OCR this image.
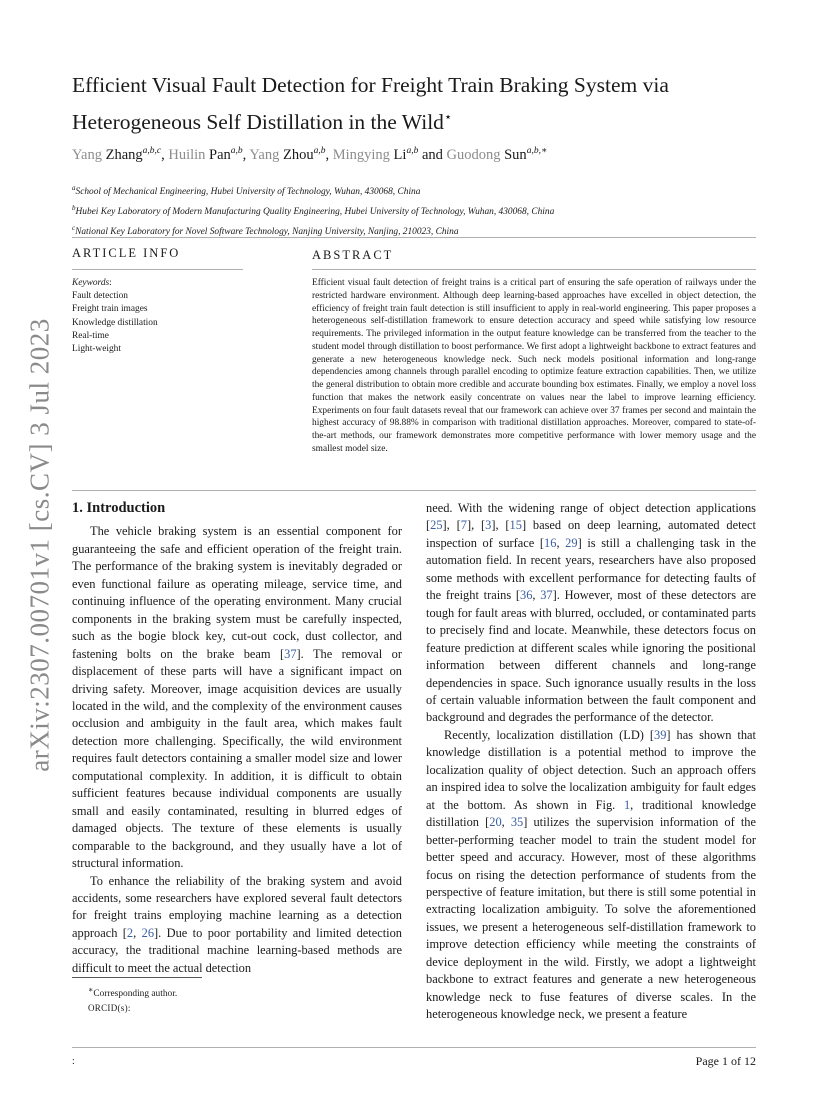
arXiv:2307.00701v1 [cs.CV] 3 Jul 2023
Efficient Visual Fault Detection for Freight Train Braking System via Heterogeneous Self Distillation in the Wild⋆
Yang Zhang$^{a,b,c}$, Huilin Pan$^{a,b}$, Yang Zhou$^{a,b}$, Mingying Li$^{a,b}$ and Guodong Sun$^{a,b,∗}$
$^a$School of Mechanical Engineering, Hubei University of Technology, Wuhan, 430068, China
$^b$Hubei Key Laboratory of Modern Manufacturing Quality Engineering, Hubei University of Technology, Wuhan, 430068, China
$^c$National Key Laboratory for Novel Software Technology, Nanjing University, Nanjing, 210023, China
ARTICLE INFO	ABSTRACT
Keywords:
Fault detection
Freight train images
Knowledge distillation
Real-time
Light-weight
Efficient visual fault detection of freight trains is a critical part of ensuring the safe operation of railways under the restricted hardware environment. Although deep learning-based approaches have excelled in object detection, the efficiency of freight train fault detection is still insufficient to apply in real-world engineering. This paper proposes a heterogeneous self-distillation framework to ensure detection accuracy and speed while satisfying low resource requirements. The privileged information in the output feature knowledge can be transferred from the teacher to the student model through distillation to boost performance. We first adopt a lightweight backbone to extract features and generate a new heterogeneous knowledge neck. Such neck models positional information and long-range dependencies among channels through parallel encoding to optimize feature extraction capabilities. Then, we utilize the general distribution to obtain more credible and accurate bounding box estimates. Finally, we employ a novel loss function that makes the network easily concentrate on values near the label to improve learning efficiency. Experiments on four fault datasets reveal that our framework can achieve over 37 frames per second and maintain the highest accuracy of 98.88% in comparison with traditional distillation approaches. Moreover, compared to state-of-the-art methods, our framework demonstrates more competitive performance with lower memory usage and the smallest model size.

1. Introduction

The vehicle braking system is an essential component for guaranteeing the safe and efficient operation of the freight train. The performance of the braking system is inevitably degraded or even functional failure as operating mileage, service time, and continuing influence of the operating environment. Many crucial components in the braking system must be carefully inspected, such as the bogie block key, cut-out cock, dust collector, and fastening bolts on the brake beam [37]. The removal or displacement of these parts will have a significant impact on driving safety. Moreover, image acquisition devices are usually located in the wild, and the complexity of the environment causes occlusion and ambiguity in the fault area, which makes fault detection more challenging. Specifically, the wild environment requires fault detectors containing a smaller model size and lower computational complexity. In addition, it is difficult to obtain sufficient features because individual components are usually small and easily contaminated, resulting in blurred edges of damaged objects. The texture of these elements is usually comparable to the background, and they usually have a lot of structural information.

To enhance the reliability of the braking system and avoid accidents, some researchers have explored several fault detectors for freight trains employing machine learning as a detection approach [2, 26]. Due to poor portability and limited detection accuracy, the traditional machine learning-based methods are difficult to meet the actual detection

need. With the widening range of object detection applications [25], [7], [3], [15] based on deep learning, automated detect inspection of surface [16, 29] is still a challenging task in the automation field. In recent years, researchers have also proposed some methods with excellent performance for detecting faults of the freight trains [36, 37]. However, most of these detectors are tough for fault areas with blurred, occluded, or contaminated parts to precisely find and locate. Meanwhile, these detectors focus on feature prediction at different scales while ignoring the positional information between different channels and long-range dependencies in space. Such ignorance usually results in the loss of certain valuable information between the fault component and background and degrades the performance of the detector.

Recently, localization distillation (LD) [39] has shown that knowledge distillation is a potential method to improve the localization quality of object detection. Such an approach offers an inspired idea to solve the localization ambiguity for fault edges at the bottom. As shown in Fig. 1, traditional knowledge distillation [20, 35] utilizes the supervision information of the better-performing teacher model to train the student model for better speed and accuracy. However, most of these algorithms focus on rising the detection performance of students from the perspective of feature imitation, but there is still some potential in extracting localization ambiguity. To solve the aforementioned issues, we present a heterogeneous self-distillation framework to improve detection efficiency while meeting the constraints of device deployment in the wild. Firstly, we adopt a lightweight backbone to extract features and generate a new heterogeneous knowledge neck to fuse features of diverse scales. In the heterogeneous knowledge neck, we present a feature

∗Corresponding author.
ORCID(s):
:	Page 1 of 12
